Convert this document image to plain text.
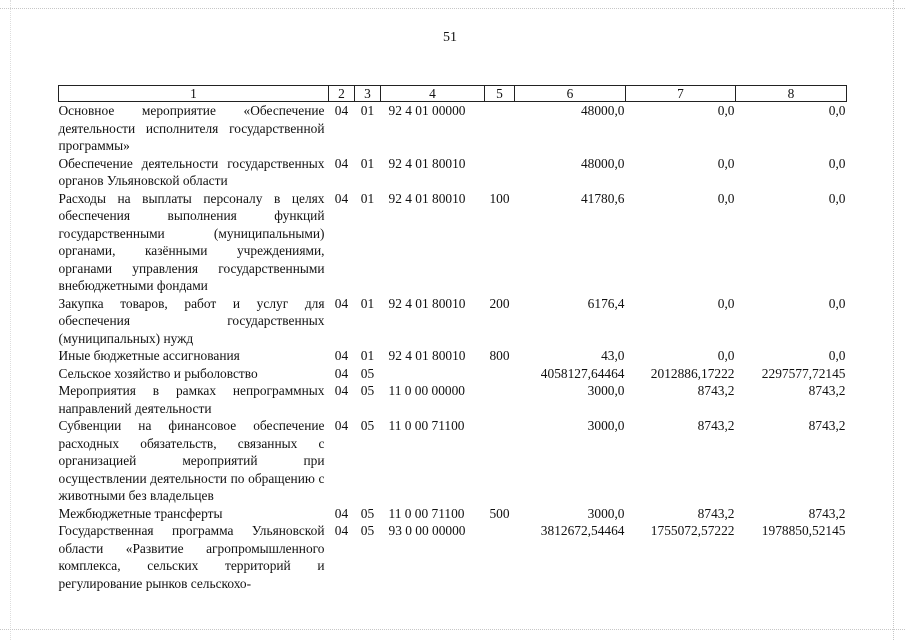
51
1	2	3	4	5	6	7	8
Основное мероприятие «Обеспечение деятельности исполнителя государственной программы»	04	01	92 4 01 00000		48000,0	0,0	0,0
Обеспечение деятельности государственных органов Ульяновской области	04	01	92 4 01 80010		48000,0	0,0	0,0
Расходы на выплаты персоналу в целях обеспечения выполнения функций государственными (муниципальными) органами, казёнными учреждениями, органами управления государственными внебюджетными фондами	04	01	92 4 01 80010	100	41780,6	0,0	0,0
Закупка товаров, работ и услуг для обеспечения государственных (муниципальных) нужд	04	01	92 4 01 80010	200	6176,4	0,0	0,0
Иные бюджетные ассигнования	04	01	92 4 01 80010	800	43,0	0,0	0,0
Сельское хозяйство и рыболовство	04	05			4058127,64464	2012886,17222	2297577,72145
Мероприятия в рамках непрограммных направлений деятельности	04	05	11 0 00 00000		3000,0	8743,2	8743,2
Субвенции на финансовое обеспечение расходных обязательств, связанных с организацией мероприятий при осуществлении деятельности по обращению с животными без владельцев	04	05	11 0 00 71100		3000,0	8743,2	8743,2
Межбюджетные трансферты	04	05	11 0 00 71100	500	3000,0	8743,2	8743,2
Государственная программа Ульяновской области «Развитие агропромышленного комплекса, сельских территорий и регулирование рынков сельскохо-	04	05	93 0 00 00000		3812672,54464	1755072,57222	1978850,52145
